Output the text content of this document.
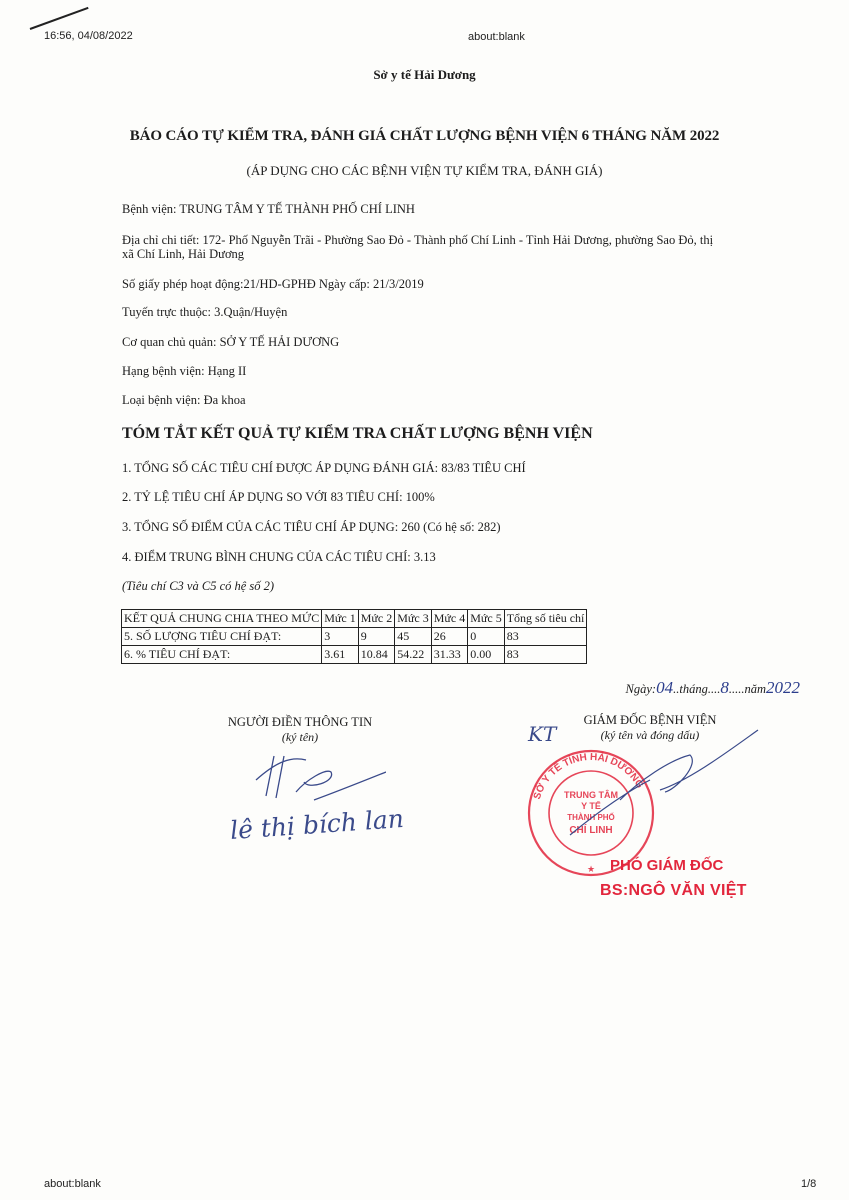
16:56, 04/08/2022	about:blank
Sở y tế Hải Dương
BÁO CÁO TỰ KIỂM TRA, ĐÁNH GIÁ CHẤT LƯỢNG BỆNH VIỆN 6 THÁNG NĂM 2022
(ÁP DỤNG CHO CÁC BỆNH VIỆN TỰ KIỂM TRA, ĐÁNH GIÁ)
Bệnh viện: TRUNG TÂM Y TẾ THÀNH PHỐ CHÍ LINH
Địa chỉ chi tiết: 172- Phố Nguyễn Trãi - Phường Sao Đỏ - Thành phố Chí Linh - Tỉnh Hải Dương, phường Sao Đỏ, thị
xã Chí Linh, Hải Dương
Số giấy phép hoạt động:21/HD-GPHĐ Ngày cấp: 21/3/2019
Tuyến trực thuộc: 3.Quận/Huyện
Cơ quan chủ quản: SỞ Y TẾ HẢI DƯƠNG
Hạng bệnh viện: Hạng II
Loại bệnh viện: Đa khoa
TÓM TẮT KẾT QUẢ TỰ KIỂM TRA CHẤT LƯỢNG BỆNH VIỆN
1. TỔNG SỐ CÁC TIÊU CHÍ ĐƯỢC ÁP DỤNG ĐÁNH GIÁ: 83/83 TIÊU CHÍ
2. TỶ LỆ TIÊU CHÍ ÁP DỤNG SO VỚI 83 TIÊU CHÍ: 100%
3. TỔNG SỐ ĐIỂM CỦA CÁC TIÊU CHÍ ÁP DỤNG: 260 (Có hệ số: 282)
4. ĐIỂM TRUNG BÌNH CHUNG CỦA CÁC TIÊU CHÍ: 3.13
(Tiêu chí C3 và C5 có hệ số 2)
KẾT QUẢ CHUNG CHIA THEO MỨC	Mức 1	Mức 2	Mức 3	Mức 4	Mức 5	Tổng số tiêu chí
5. SỐ LƯỢNG TIÊU CHÍ ĐẠT:	3	9	45	26	0	83
6. % TIÊU CHÍ ĐẠT:	3.61	10.84	54.22	31.33	0.00	83
Ngày:04..tháng....8.....năm2022
NGƯỜI ĐIỀN THÔNG TIN
(ký tên)
lê thị bích lan
KT
GIÁM ĐỐC BỆNH VIỆN
(ký tên và đóng dấu)
SỞ Y TẾ TỈNH HẢI DƯƠNG
TRUNG TÂM
Y TẾ
THÀNH PHỐ
CHÍ LINH
★ PHÓ GIÁM ĐỐC
BS:NGÔ VĂN VIỆT
about:blank	1/8
